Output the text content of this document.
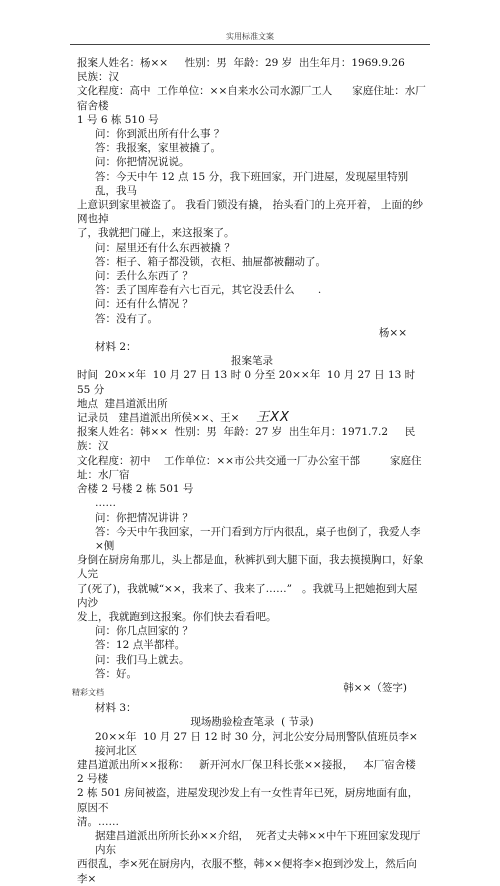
实用标准文案

报案人姓名：杨××     性别：男  年龄：29 岁  出生年月：1969.9.26     民族：汉

文化程度：高中  工作单位：××自来水公司水源厂工人      家庭住址：水厂宿舍楼

1 号 6 栋 510 号

问：你到派出所有什么事 ？

答：我报案，家里被撬了。

问：你把情况说说。

答：今天中午 12 点 15 分，我下班回家，开门进屋，发现屋里特别乱，我马

上意识到家里被盗了。 我看门锁没有撬， 抬头看门的上亮开着， 上面的纱网也掉

了，我就把门碰上，来这报案了。

问：屋里还有什么东西被撬 ？

答：柜子、箱子都没锁，衣柜、抽屉都被翻动了。

问：丢什么东西了 ？

答：丢了国库卷有六七百元，其它没丢什么       .

问：还有什么情况 ？

答：没有了。

杨××

材料 2：

报案笔录

时间  20××年  10 月 27 日 13 时 0 分至 20××年  10 月 27 日 13 时 55 分

地点  建昌道派出所

记录员   建昌道派出所侯××、王×     王XX

报案人姓名：韩××  性别：男  年龄：27 岁  出生年月：1971.7.2     民族：汉

文化程度：初中    工作单位：××市公共交通一厂办公室干部         家庭住址：水厂宿

舍楼 2 号楼 2 栋 501 号

……

问：你把情况讲讲 ？

答：今天中午我回家，一开门看到方厅内很乱，桌子也倒了，我爱人李×侧

身倒在厨房角那儿，头上都是血，秋裤扒到大腿下面，我去摸摸胸口，好象人完

了(死了)，我就喊“××，我来了、我来了……”   。我就马上把她抱到大屋内沙

发上，我就跑到这报案。你们快去看看吧。

问：你几点回家的 ？

答：12 点半都样。

问：我们马上就去。

答：好。

韩××（签字)

材料 3：

现场勘验检查笔录  ( 节录)

20××年  10 月 27 日 12 时 30 分，河北公安分局刑警队值班员李×接河北区

建昌道派出所××报称：   新开河水厂保卫科长张××接报，   本厂宿舍楼  2 号楼

2 栋 501 房间被盗，进屋发现沙发上有一女性青年已死，厨房地面有血，原因不

清。……

据建昌道派出所所长孙××介绍，  死者丈夫韩××中午下班回家发现厅内东

西很乱，李×死在厨房内，衣服不整，韩××便将李×抱到沙发上，然后向李×

精彩文档
